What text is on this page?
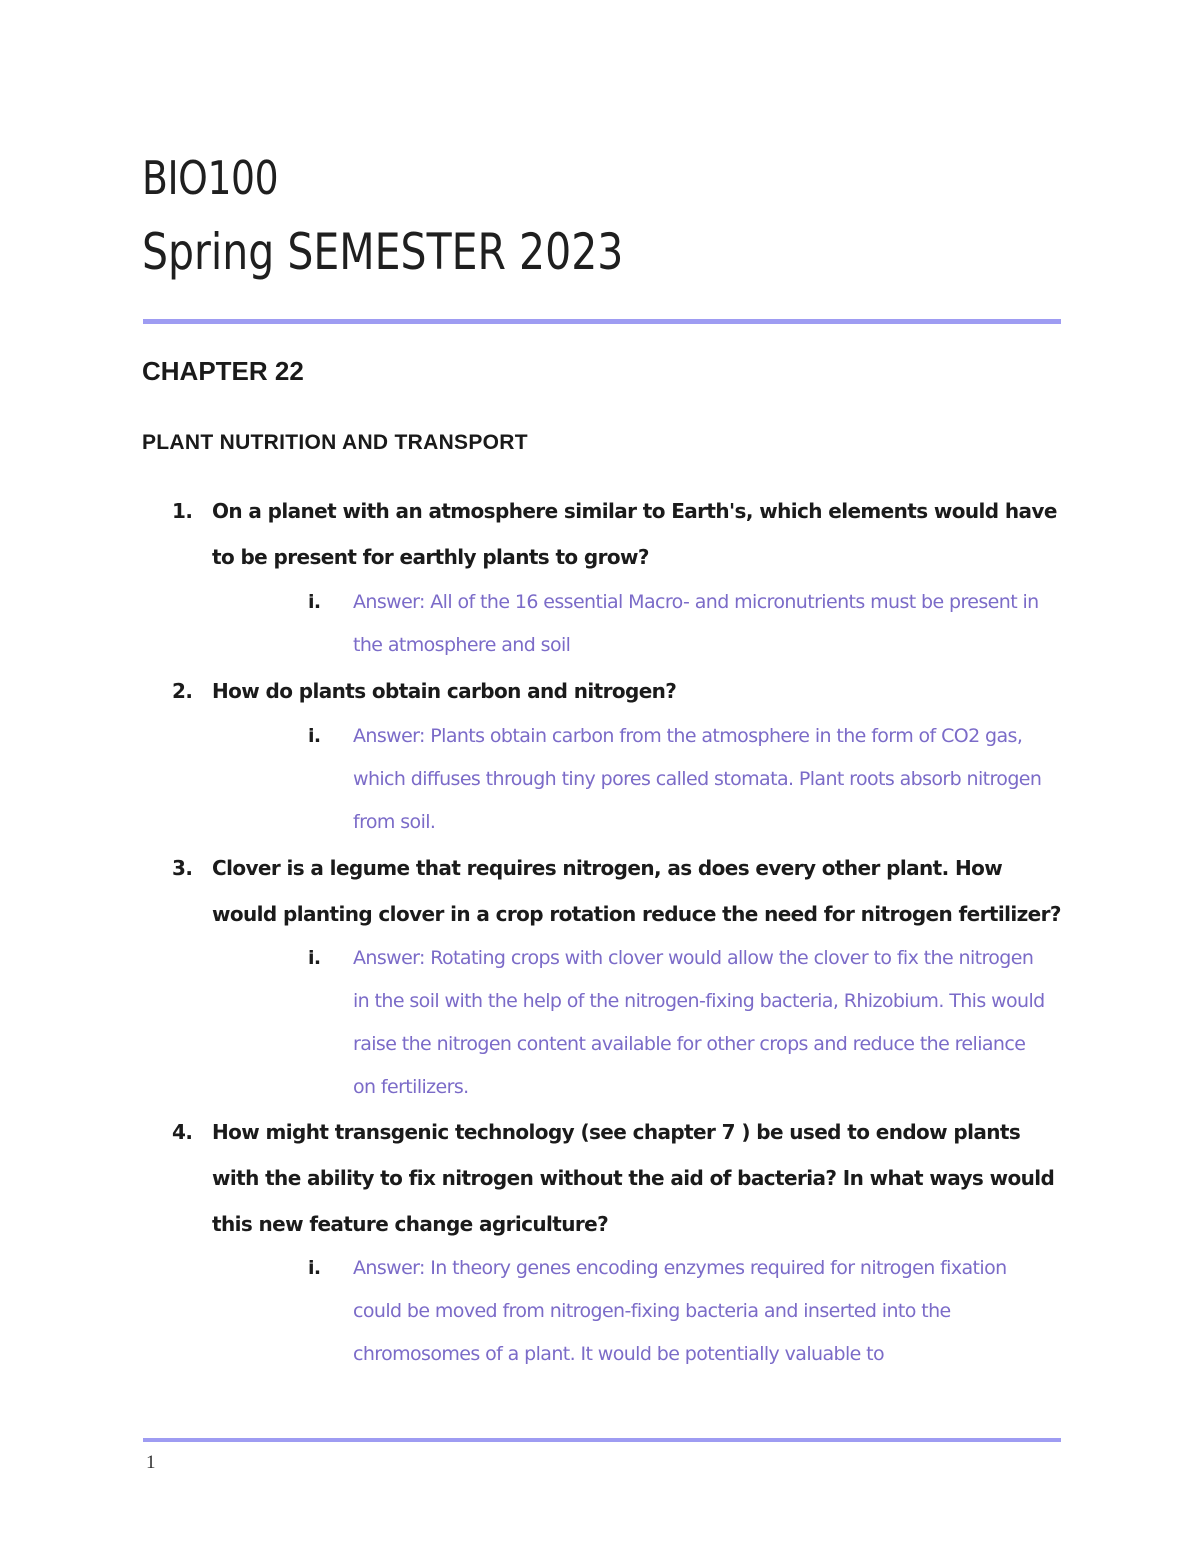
BIO100
Spring SEMESTER 2023
CHAPTER 22
PLANT NUTRITION AND TRANSPORT
1. On a planet with an atmosphere similar to Earth's, which elements would have to be present for earthly plants to grow?
i.	Answer: All of the 16 essential Macro- and micronutrients must be present in the atmosphere and soil
2. How do plants obtain carbon and nitrogen?
i.	Answer: Plants obtain carbon from the atmosphere in the form of CO2 gas, which diffuses through tiny pores called stomata. Plant roots absorb nitrogen from soil.
3. Clover is a legume that requires nitrogen, as does every other plant. How would planting clover in a crop rotation reduce the need for nitrogen fertilizer?
i.	Answer: Rotating crops with clover would allow the clover to fix the nitrogen in the soil with the help of the nitrogen-fixing bacteria, Rhizobium. This would raise the nitrogen content available for other crops and reduce the reliance on fertilizers.
4. How might transgenic technology (see chapter 7 ) be used to endow plants with the ability to fix nitrogen without the aid of bacteria? In what ways would this new feature change agriculture?
i.	Answer: In theory genes encoding enzymes required for nitrogen fixation could be moved from nitrogen-fixing bacteria and inserted into the chromosomes of a plant. It would be potentially valuable to
1
